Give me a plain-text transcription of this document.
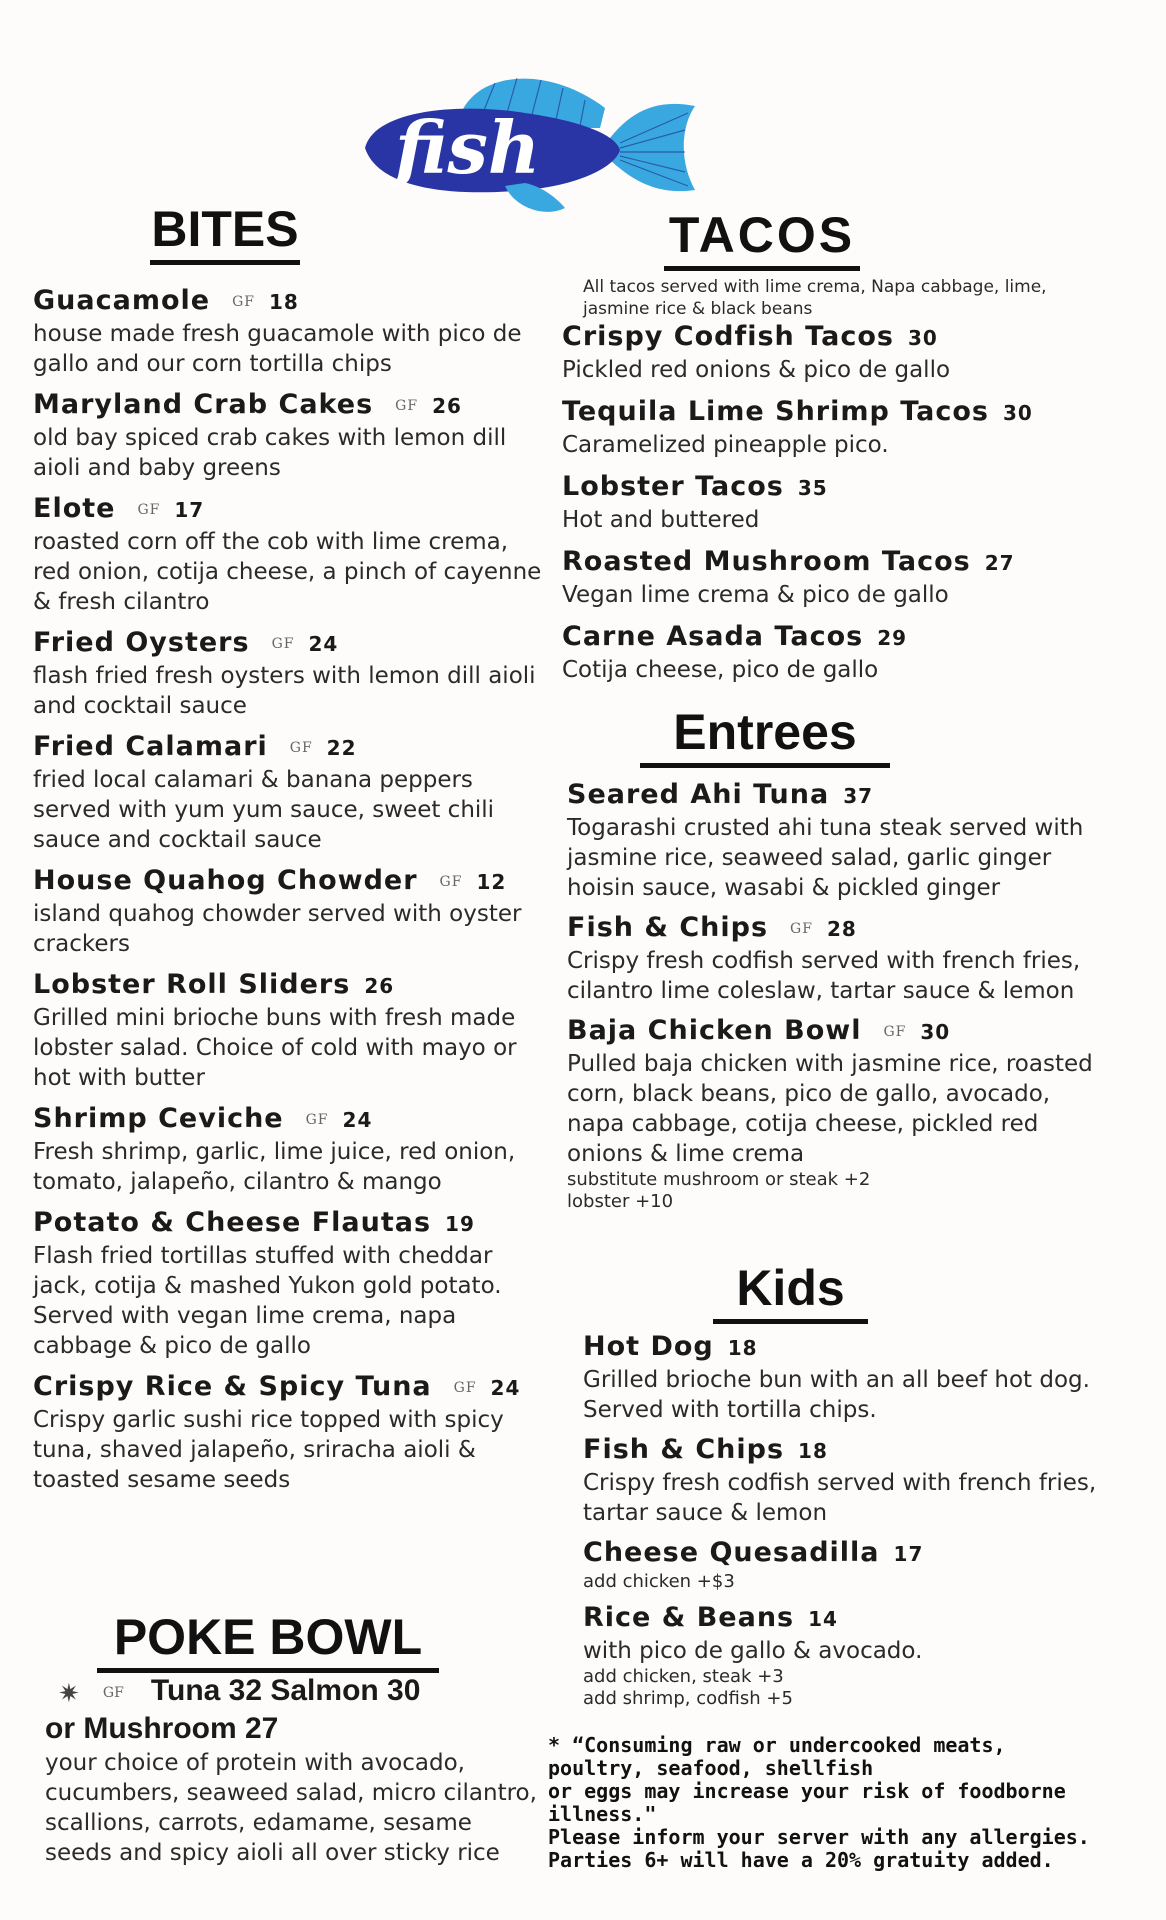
fish
BITES	TACOS
Entrees
Kids
POKE BOWL
All tacos served with lime crema, Napa cabbage, lime, jasmine rice & black beans
Guacamole GF 18
house made fresh guacamole with pico de gallo and our corn tortilla chips
Maryland Crab Cakes GF 26
old bay spiced crab cakes with lemon dill aioli and baby greens
Elote GF 17
roasted corn off the cob with lime crema, red onion, cotija cheese, a pinch of cayenne & fresh cilantro
Fried Oysters GF 24
flash fried fresh oysters with lemon dill aioli and cocktail sauce
Fried Calamari GF 22
fried local calamari & banana peppers served with yum yum sauce, sweet chili sauce and cocktail sauce
House Quahog Chowder GF 12
island quahog chowder served with oyster crackers
Lobster Roll Sliders 26
Grilled mini brioche buns with fresh made lobster salad. Choice of cold with mayo or hot with butter
Shrimp Ceviche GF 24
Fresh shrimp, garlic, lime juice, red onion, tomato, jalapeño, cilantro & mango
Potato & Cheese Flautas 19
Flash fried tortillas stuffed with cheddar jack, cotija & mashed Yukon gold potato. Served with vegan lime crema, napa cabbage & pico de gallo
Crispy Rice & Spicy Tuna GF 24
Crispy garlic sushi rice topped with spicy tuna, shaved jalapeño, sriracha aioli & toasted sesame seeds
Crispy Codfish Tacos 30
Pickled red onions & pico de gallo
Tequila Lime Shrimp Tacos 30
Caramelized pineapple pico.
Lobster Tacos 35
Hot and buttered
Roasted Mushroom Tacos 27
Vegan lime crema & pico de gallo
Carne Asada Tacos 29
Cotija cheese, pico de gallo
Seared Ahi Tuna 37
Togarashi crusted ahi tuna steak served with jasmine rice, seaweed salad, garlic ginger hoisin sauce, wasabi & pickled ginger
Fish & Chips GF 28
Crispy fresh codfish served with french fries, cilantro lime coleslaw, tartar sauce & lemon
Baja Chicken Bowl GF 30
Pulled baja chicken with jasmine rice, roasted corn, black beans, pico de gallo, avocado, napa cabbage, cotija cheese, pickled red onions & lime crema
substitute mushroom or steak +2
lobster +10
Hot Dog 18
Grilled brioche bun with an all beef hot dog. Served with tortilla chips.
Fish & Chips 18
Crispy fresh codfish served with french fries, tartar sauce & lemon
Cheese Quesadilla 17
add chicken +$3
Rice & Beans 14
with pico de gallo & avocado.
add chicken, steak +3
add shrimp, codfish +5
✷ GF Tuna 32 Salmon 30
or Mushroom 27
your choice of protein with avocado, cucumbers, seaweed salad, micro cilantro, scallions, carrots, edamame, sesame seeds and spicy aioli all over sticky rice
* “Consuming raw or undercooked meats, poultry, seafood, shellfish
or eggs may increase your risk of foodborne illness."
Please inform your server with any allergies. Parties 6+ will have a 20% gratuity added.
